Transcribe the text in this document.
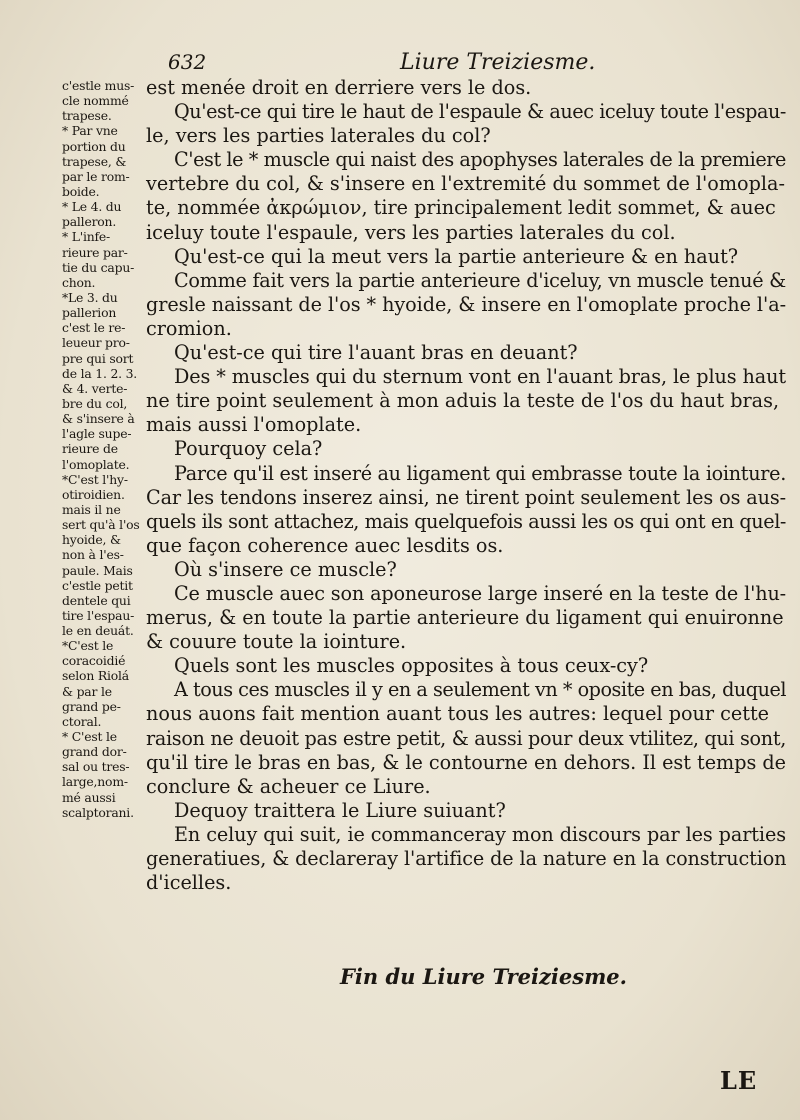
632	Liure Treiziesme.
c'estle mus-
cle nommé
trapese.
* Par vne
portion du
trapese, &
par le rom-
boide.
* Le 4. du
palleron.
* L'infe-
rieure par-
tie du capu-
chon.
*Le 3. du
pallerion
c'est le re-
leueur pro-
pre qui sort
de la 1. 2. 3.
& 4. verte-
bre du col,
& s'insere à
l'agle supe-
rieure de
l'omoplate.
*C'est l'hy-
otiroidien.
mais il ne
sert qu'à l'os
hyoide, &
non à l'es-
paule. Mais
c'estle petit
dentele qui
tire l'espau-
le en deuát.
*C'est le
coracoidié
selon Riolá
& par le
grand pe-
ctoral.
* C'est le
grand dor-
sal ou tres-
large,nom-
mé aussi
scalptorani.
est menée droit en derriere vers le dos.
Qu'est-ce qui tire le haut de l'espaule & auec iceluy toute l'espau-
le, vers les parties laterales du col?
C'est le * muscle qui naist des apophyses laterales de la premiere
vertebre du col, & s'insere en l'extremité du sommet de l'omopla-
te, nommée ἀκρώμιον, tire principalement ledit sommet, & auec
iceluy toute l'espaule, vers les parties laterales du col.
Qu'est-ce qui la meut vers la partie anterieure & en haut?
Comme fait vers la partie anterieure d'iceluy, vn muscle tenué &
gresle naissant de l'os * hyoide, & insere en l'omoplate proche l'a-
cromion.
Qu'est-ce qui tire l'auant bras en deuant?
Des * muscles qui du sternum vont en l'auant bras, le plus haut
ne tire point seulement à mon aduis la teste de l'os du haut bras,
mais aussi l'omoplate.
Pourquoy cela?
Parce qu'il est inseré au ligament qui embrasse toute la iointure.
Car les tendons inserez ainsi, ne tirent point seulement les os aus-
quels ils sont attachez, mais quelquefois aussi les os qui ont en quel-
que façon coherence auec lesdits os.
Où s'insere ce muscle?
Ce muscle auec son aponeurose large inseré en la teste de l'hu-
merus, & en toute la partie anterieure du ligament qui enuironne
& couure toute la iointure.
Quels sont les muscles opposites à tous ceux-cy?
A tous ces muscles il y en a seulement vn * oposite en bas, duquel
nous auons fait mention auant tous les autres: lequel pour cette
raison ne deuoit pas estre petit, & aussi pour deux vtilitez, qui sont,
qu'il tire le bras en bas, & le contourne en dehors. Il est temps de
conclure & acheuer ce Liure.
Dequoy traittera le Liure suiuant?
En celuy qui suit, ie commanceray mon discours par les parties
generatiues, & declareray l'artifice de la nature en la construction
d'icelles.
Fin du Liure Treiziesme.
LE
